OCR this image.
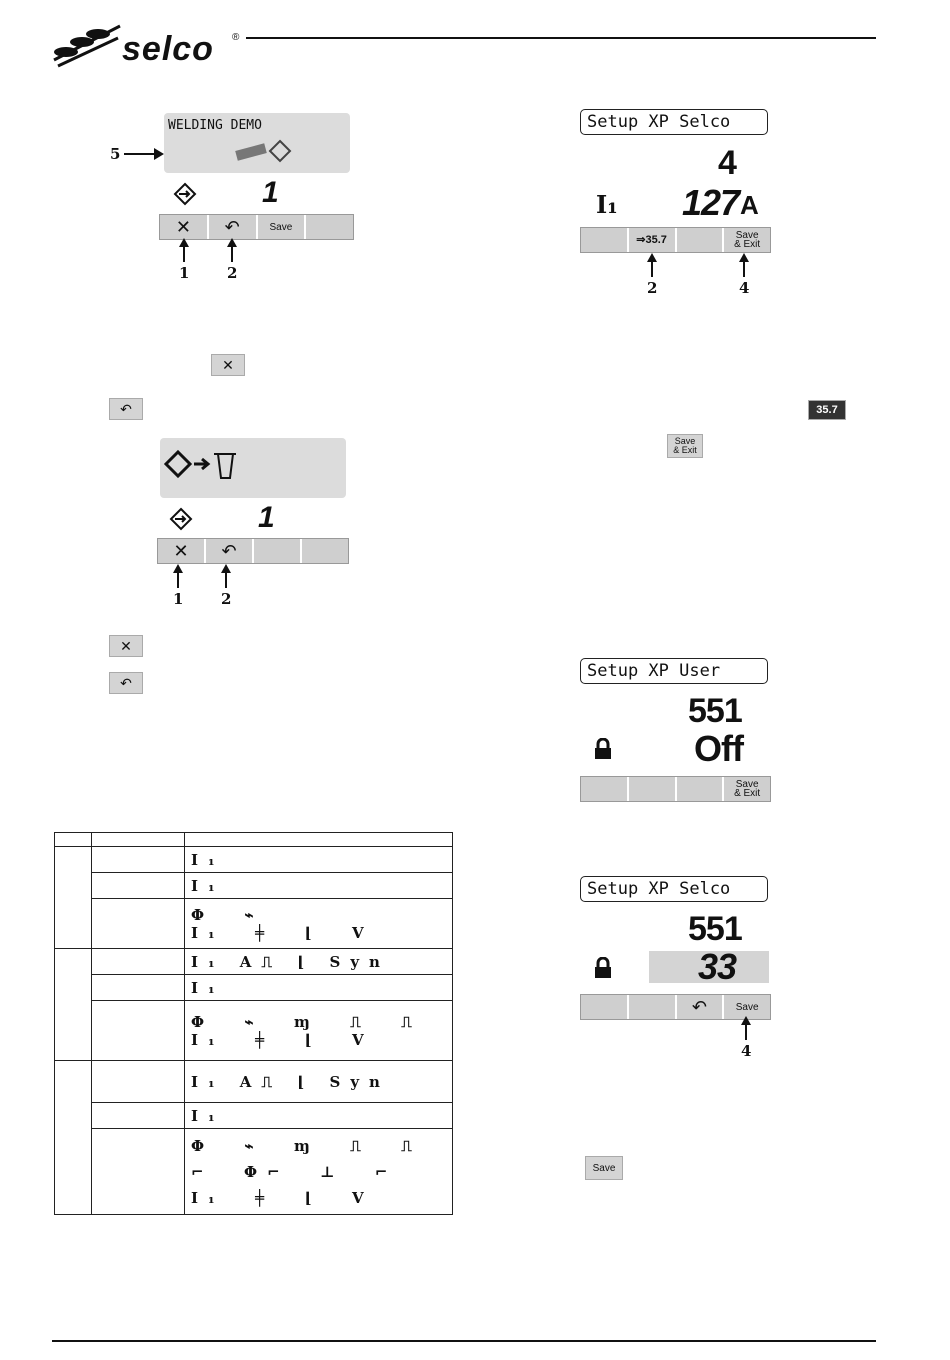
selco ®
WELDING DEMO
5
1
✕ ↶	Save
1	2
✕
↶
1
✕ ↶
1	2
✕
↶

		I₁
		I₁
		Φ  ⌁
I₁  ╪  ⌊  V
		I₁ A⎍ ⌊ Syn
		I₁
		Φ  ⌁  ɱ  ⎍  ⎍
I₁  ╪  ⌊  V
		I₁ A⎍ ⌊ Syn
		I₁
		Φ  ⌁  ɱ  ⎍  ⎍
⌐  Φ⌐  ⊥  ⌐
I₁  ╪  ⌊  V
Setup XP Selco
4
I₁ 127 A
⇒35.7	Save
& Exit
2	4
35.7
Save
& Exit
Setup XP User
551
Off
Save
& Exit
Setup XP Selco
551
33
↶	Save
4
Save
